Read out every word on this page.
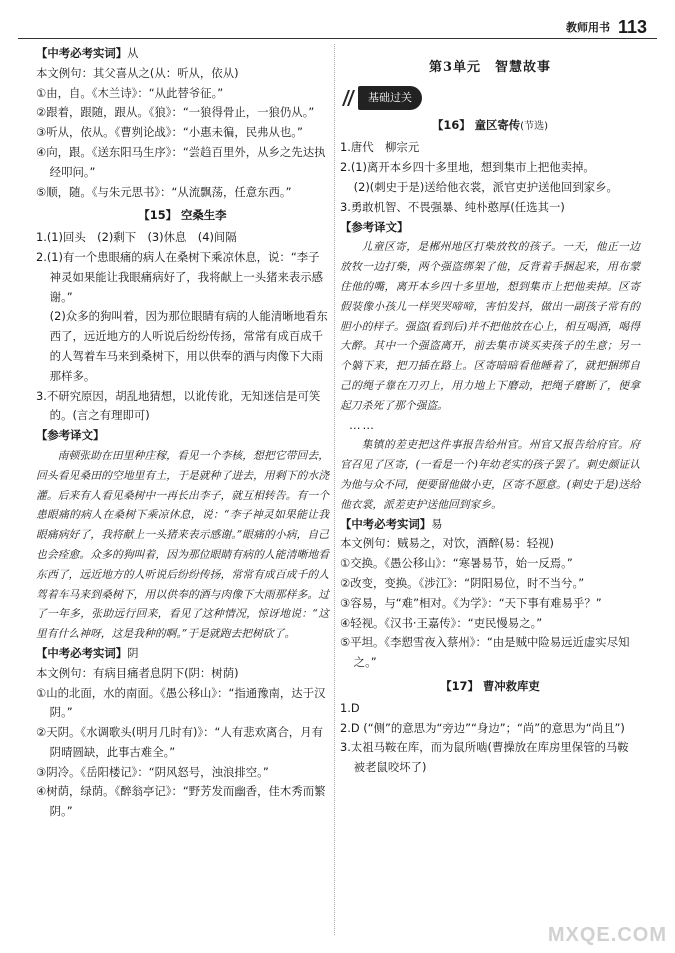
教师用书 113

【中考必考实词】从

本文例句：其父喜从之(从：听从，依从)

①由，自。《木兰诗》：“从此替爷征。”

②跟着，跟随，跟从。《狼》：“一狼得骨止，一狼仍从。”

③听从，依从。《曹刿论战》：“小惠未徧，民弗从也。”

④向，跟。《送东阳马生序》：“尝趋百里外，从乡之先达执经叩问。”

⑤顺，随。《与朱元思书》：“从流飘荡，任意东西。”

【15】 空桑生李

1.(1)回头　(2)剩下　(3)休息　(4)间隔

2.(1)有一个患眼痛的病人在桑树下乘凉休息，说：“李子神灵如果能让我眼痛病好了，我将献上一头猪来表示感谢。”

(2)众多的狗叫着，因为那位眼睛有病的人能清晰地看东西了，远近地方的人听说后纷纷传扬，常常有成百成千的人驾着车马来到桑树下，用以供奉的酒与肉像下大雨那样多。

3.不研究原因，胡乱地猜想，以讹传讹，无知迷信是可笑的。(言之有理即可)

【参考译文】

南顿张助在田里种庄稼，看见一个李核，想把它带回去，回头看见桑田的空地里有土，于是就种了进去，用剩下的水浇灌。后来有人看见桑树中一再长出李子，就互相转告。有一个患眼痛的病人在桑树下乘凉休息，说：“李子神灵如果能让我眼痛病好了，我将献上一头猪来表示感谢。”眼痛的小病，自己也会痊愈。众多的狗叫着，因为那位眼睛有病的人能清晰地看东西了，远近地方的人听说后纷纷传扬，常常有成百成千的人驾着车马来到桑树下，用以供奉的酒与肉像下大雨那样多。过了一年多，张助远行回来，看见了这种情况，惊讶地说：“这里有什么神呀，这是我种的啊。”于是就跑去把树砍了。

【中考必考实词】阴

本文例句：有病目痛者息阴下(阴：树荫)

①山的北面，水的南面。《愚公移山》：“指通豫南，达于汉阴。”

②天阴。《水调歌头(明月几时有)》：“人有悲欢离合，月有阴晴圆缺，此事古难全。”

③阴冷。《岳阳楼记》：“阴风怒号，浊浪排空。”

④树荫，绿荫。《醉翁亭记》：“野芳发而幽香，佳木秀而繁阴。”

第3单元　智慧故事

基础过关

【16】 童区寄传(节选)

1.唐代　柳宗元

2.(1)离开本乡四十多里地，想到集市上把他卖掉。

(2)(刺史于是)送给他衣裳，派官吏护送他回到家乡。

3.勇敢机智、不畏强暴、纯朴憨厚(任选其一)

【参考译文】

儿童区寄，是郴州地区打柴放牧的孩子。一天，他正一边放牧一边打柴，两个强盗绑架了他，反背着手捆起来，用布蒙住他的嘴，离开本乡四十多里地，想到集市上把他卖掉。区寄假装像小孩儿一样哭哭啼啼，害怕发抖，做出一副孩子常有的胆小的样子。强盗(看到后)并不把他放在心上，相互喝酒，喝得大醉。其中一个强盗离开，前去集市谈买卖孩子的生意；另一个躺下来，把刀插在路上。区寄暗暗看他睡着了，就把捆绑自己的绳子靠在刀刃上，用力地上下磨动，把绳子磨断了，便拿起刀杀死了那个强盗。

……

集镇的差吏把这件事报告给州官。州官又报告给府官。府官召见了区寄，(一看是一个)年幼老实的孩子罢了。刺史颜证认为他与众不同，便要留他做小吏，区寄不愿意。(刺史于是)送给他衣裳，派差吏护送他回到家乡。

【中考必考实词】易

本文例句：贼易之，对饮，酒醉(易：轻视)

①交换。《愚公移山》：“寒暑易节，始一反焉。”

②改变，变换。《涉江》：“阴阳易位，时不当兮。”

③容易，与“难”相对。《为学》：“天下事有难易乎？”

④轻视。《汉书·王嘉传》：“吏民慢易之。”

⑤平坦。《李愬雪夜入蔡州》：“由是贼中险易远近虚实尽知之。”

【17】 曹冲救库吏

1.D

2.D (“侧”的意思为“旁边”“身边”；“尚”的意思为“尚且”)

3.太祖马鞍在库，而为鼠所啮(曹操放在库房里保管的马鞍被老鼠咬坏了)

MXQE.COM
